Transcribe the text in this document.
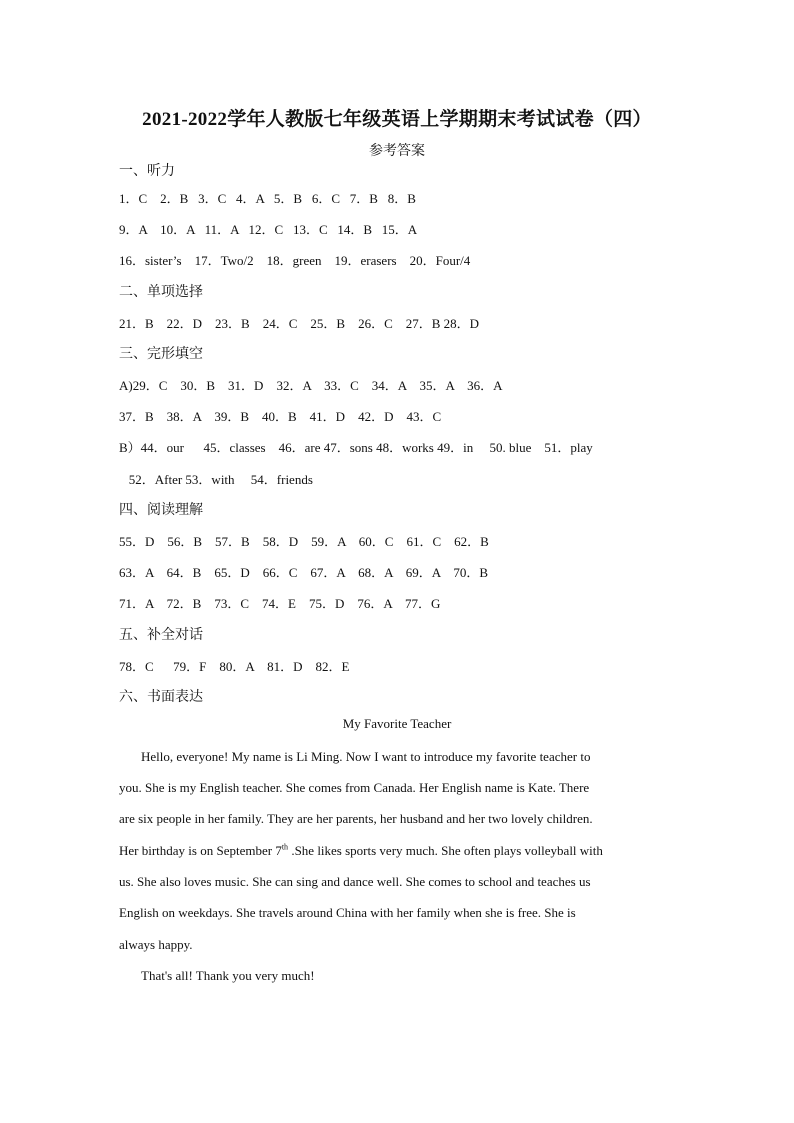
2021-2022学年人教版七年级英语上学期期末考试试卷（四）
参考答案
一、听力
1．C    2．B   3．C   4．A   5．B   6．C   7．B   8．B
9．A    10．A   11．A   12．C   13．C   14．B   15．A
16．sister’s    17．Two/2    18．green    19．erasers    20．Four/4
二、单项选择
21．B    22．D    23．B    24．C    25．B    26．C    27．B 28．D
三、完形填空
A)29．C    30．B    31．D    32．A    33．C    34．A    35．A    36．A
37．B    38．A    39．B    40．B    41．D    42．D    43．C
B）44．our      45．classes    46．are 47．sons 48．works 49．in     50. blue    51．play
52．After 53．with     54．friends
四、阅读理解
55．D    56．B    57．B    58．D    59．A    60．C    61．C    62．B
63．A    64．B    65．D    66．C    67．A    68．A    69．A    70．B
71．A    72．B    73．C    74．E    75．D    76．A    77．G
五、补全对话
78．C      79．F    80．A    81．D    82．E
六、书面表达
My Favorite Teacher
Hello, everyone! My name is Li Ming. Now I want to introduce my favorite teacher to
you. She is my English teacher. She comes from Canada. Her English name is Kate. There
are six people in her family. They are her parents, her husband and her two lovely children.
Her birthday is on September 7th .She likes sports very much. She often plays volleyball with
us. She also loves music. She can sing and dance well. She comes to school and teaches us
English on weekdays. She travels around China with her family when she is free. She is
always happy.
That's all! Thank you very much!
